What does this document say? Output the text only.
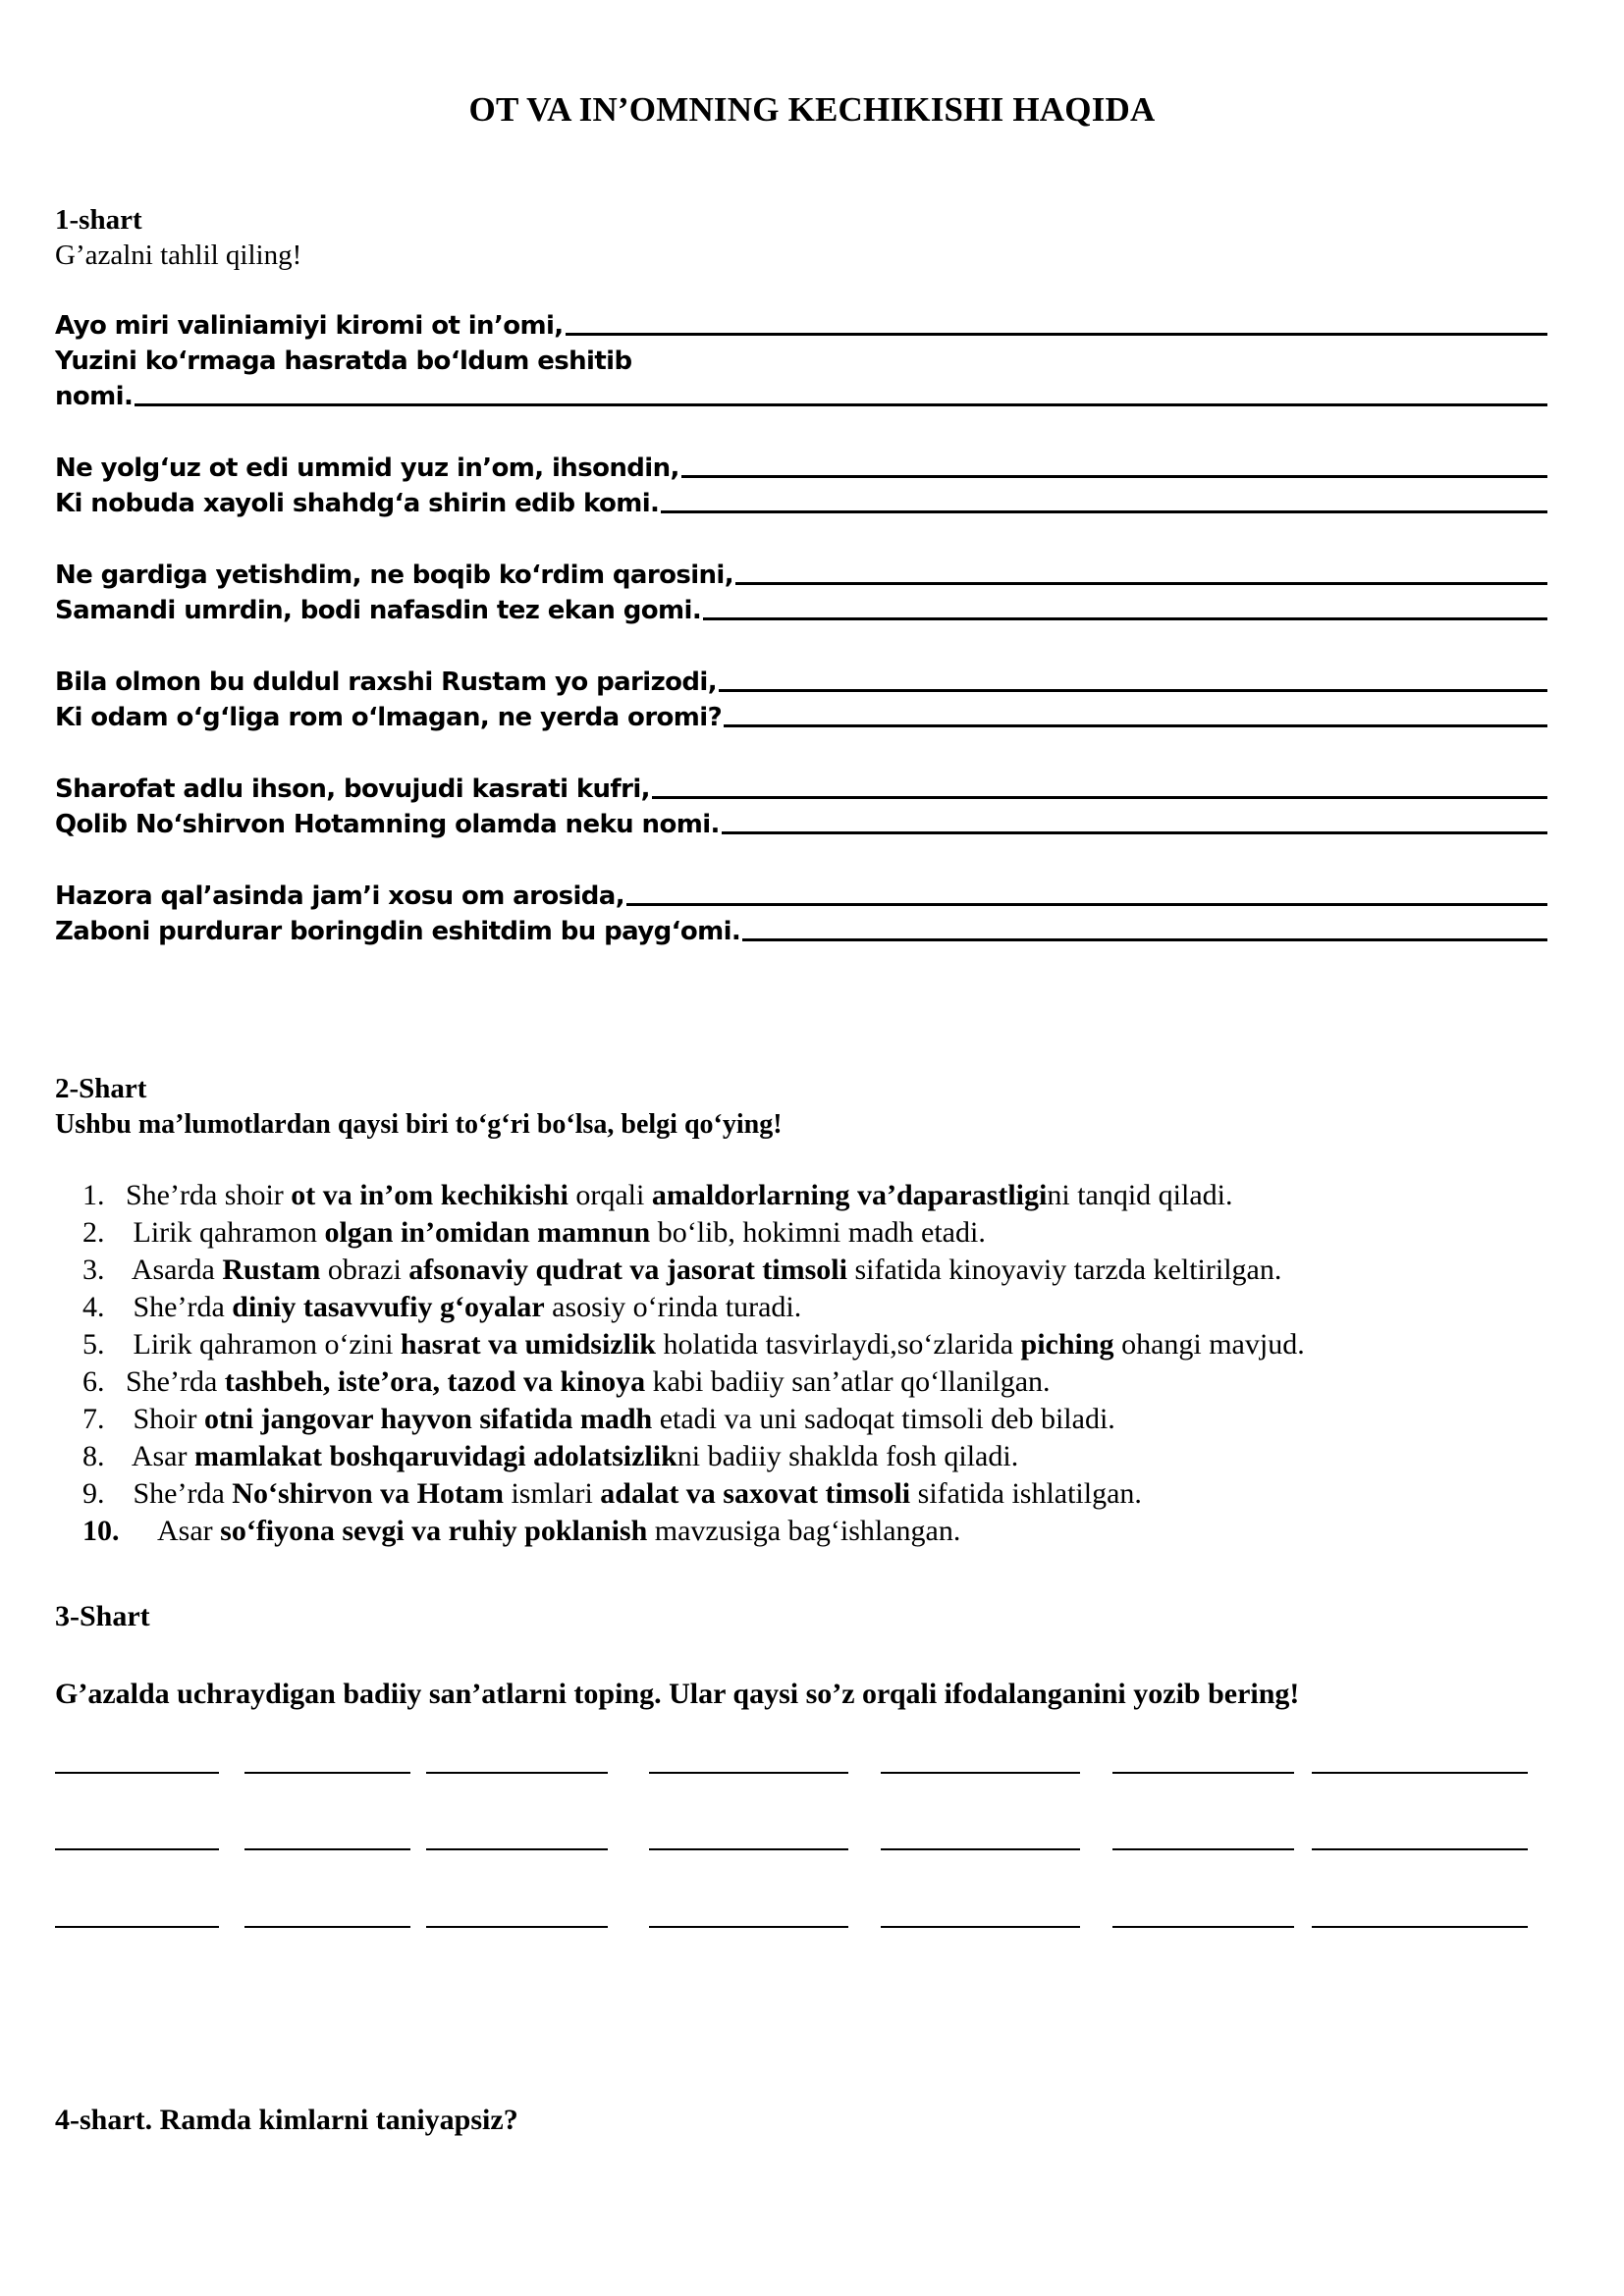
OT VA IN’OMNING KECHIKISHI HAQIDA
1-shart
G’azalni tahlil qiling!
Ayo miri valiniamiyi kiromi ot in’omi,
Yuzini ko‘rmaga hasratda bo‘ldum eshitib
nomi.
Ne yolg‘uz ot edi ummid yuz in’om, ihsondin,
Ki nobuda xayoli shahdg‘a shirin edib komi.
Ne gardiga yetishdim, ne boqib ko‘rdim qarosini,
Samandi umrdin, bodi nafasdin tez ekan gomi.
Bila olmon bu duldul raxshi Rustam yo parizodi,
Ki odam o‘g‘liga rom o‘lmagan, ne yerda oromi?
Sharofat adlu ihson, bovujudi kasrati kufri,
Qolib No‘shirvon Hotamning olamda neku nomi.
Hazora qal’asinda jam’i xosu om arosida,
Zaboni purdurar boringdin eshitdim bu payg‘omi.
2-Shart
Ushbu ma’lumotlardan qaysi biri to‘g‘ri bo‘lsa, belgi qo‘ying!
1. She’rda shoir ot va in’om kechikishi orqali amaldorlarning va’daparastligini tanqid qiladi.
2. Lirik qahramon olgan in’omidan mamnun bo‘lib, hokimni madh etadi.
3. Asarda Rustam obrazi afsonaviy qudrat va jasorat timsoli sifatida kinoyaviy tarzda keltirilgan.
4. She’rda diniy tasavvufiy g‘oyalar asosiy o‘rinda turadi.
5. Lirik qahramon o‘zini hasrat va umidsizlik holatida tasvirlaydi,so‘zlarida piching ohangi mavjud.
6. She’rda tashbeh, iste’ora, tazod va kinoya kabi badiiy san’atlar qo‘llanilgan.
7. Shoir otni jangovar hayvon sifatida madh etadi va uni sadoqat timsoli deb biladi.
8. Asar mamlakat boshqaruvidagi adolatsizlikni badiiy shaklda fosh qiladi.
9. She’rda No‘shirvon va Hotam ismlari adalat va saxovat timsoli sifatida ishlatilgan.
10. Asar so‘fiyona sevgi va ruhiy poklanish mavzusiga bag‘ishlangan.
3-Shart
G’azalda uchraydigan badiiy san’atlarni toping. Ular qaysi so’z orqali ifodalanganini yozib bering!
4-shart. Ramda kimlarni taniyapsiz?
